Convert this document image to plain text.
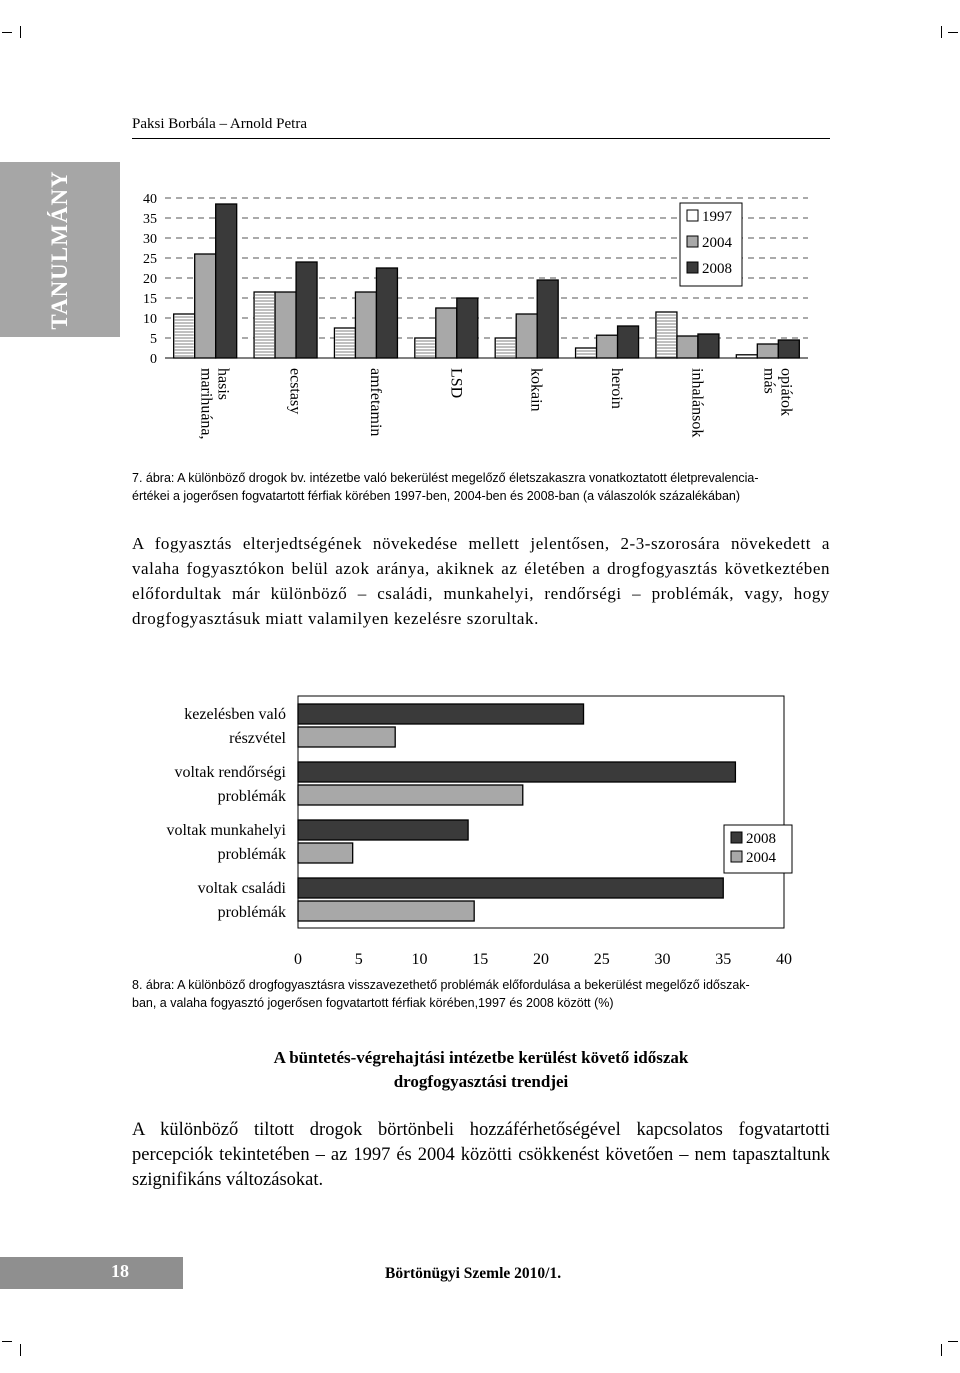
Paksi Borbála – Arnold Petra
TANULMÁNY
0
5
10
15
20
25
30
35
40
marihuána, hasis	ecstasy	amfetamin	LSD	kokain	heroin	inhalánsok	más opiátok
1997
2004
2008
7. ábra: A különböző drogok bv. intézetbe való bekerülést megelőző életszakaszra vonatkoztatott életprevalencia-
értékei a jogerősen fogvatartott férfiak körében 1997-ben, 2004-ben és 2008-ban (a válaszolók százalékában)
A fogyasztás elterjedtségének növekedése mellett jelentősen, 2-3-szorosára növekedett a valaha fogyasztókon belül azok aránya, akiknek az életében a drogfogyasztás következtében előfordultak már különböző – családi, munkahelyi, rendőrségi – problémák, vagy, hogy drogfogyasztásuk miatt valamilyen kezelésre szorultak.
kezelésben való
részvétel
voltak rendőrségi
problémák
voltak munkahelyi
problémák
voltak családi
problémák
0	5	10	15	20	25	30	35	40
2008
2004
8. ábra: A különböző drogfogyasztásra visszavezethető problémák előfordulása a bekerülést megelőző időszak-
ban, a valaha fogyasztó jogerősen fogvatartott férfiak körében,1997 és 2008 között (%)
A büntetés-végrehajtási intézetbe kerülést követő időszak
drogfogyasztási trendjei
A különböző tiltott drogok börtönbeli hozzáférhetőségével kapcsolatos fogvatartotti percepciók tekintetében – az 1997 és 2004 közötti csökkenést követően – nem tapasztaltunk szignifikáns változásokat.
18	Börtönügyi Szemle 2010/1.
